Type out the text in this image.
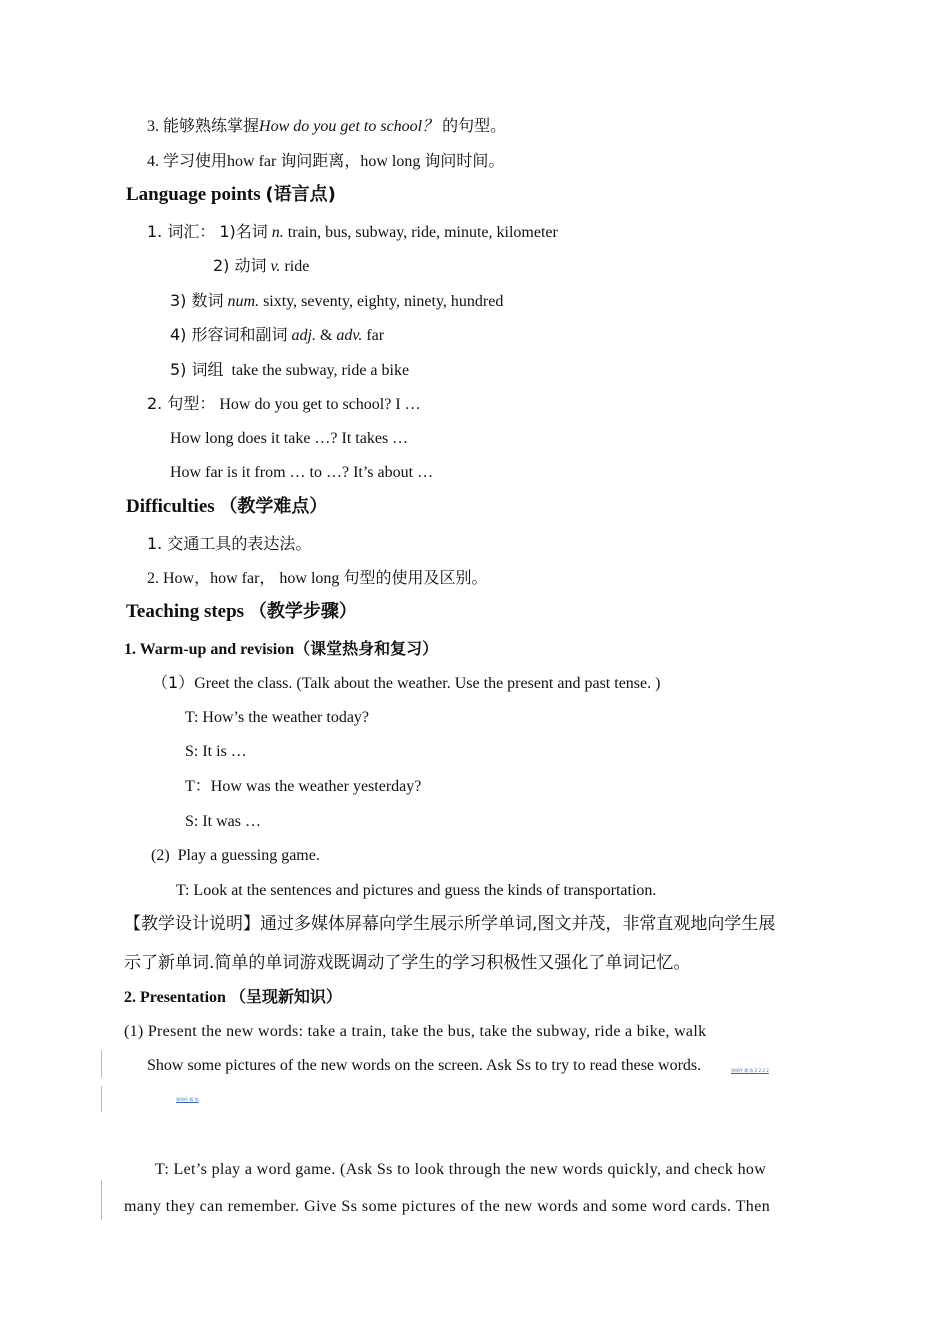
3. 能够熟练掌握How do you get to school？ 的句型。
4. 学习使用how far 询问距离，how long 询问时间。
Language points (语言点)
1. 词汇： 1)名词 n. train, bus, subway, ride, minute, kilometer
2) 动词 v. ride
3) 数词 num. sixty, seventy, eighty, ninety, hundred
4) 形容词和副词 adj. & adv. far
5) 词组 take the subway, ride a bike
2. 句型： How do you get to school? I …
How long does it take …? It takes …
How far is it from … to …? It’s about …
Difficulties （教学难点）
1. 交通工具的表达法。
2. How，how far， how long 句型的使用及区别。
Teaching steps （教学步骤）
1. Warm-up and revision（课堂热身和复习）
（1）Greet the class. (Talk about the weather. Use the present and past tense. )
T: How’s the weather today?
S: It is …
T：How was the weather yesterday?
S: It was …
(2)  Play a guessing game.
T: Look at the sentences and pictures and guess the kinds of transportation.
【教学设计说明】通过多媒体屏幕向学生展示所学单词,图文并茂，非常直观地向学生展
示了新单词.简单的单词游戏既调动了学生的学习积极性又强化了单词记忆。
2. Presentation （呈现新知识）
(1) Present the new words: take a train, take the bus, take the subway, ride a bike, walk
Show some pictures of the new words on the screen. Ask Ss to try to read these words.	课课件 精 练 2 2 2 2
课课件 精 练
T: Let’s play a word game. (Ask Ss to look through the new words quickly, and check how
many they can remember. Give Ss some pictures of the new words and some word cards. Then
